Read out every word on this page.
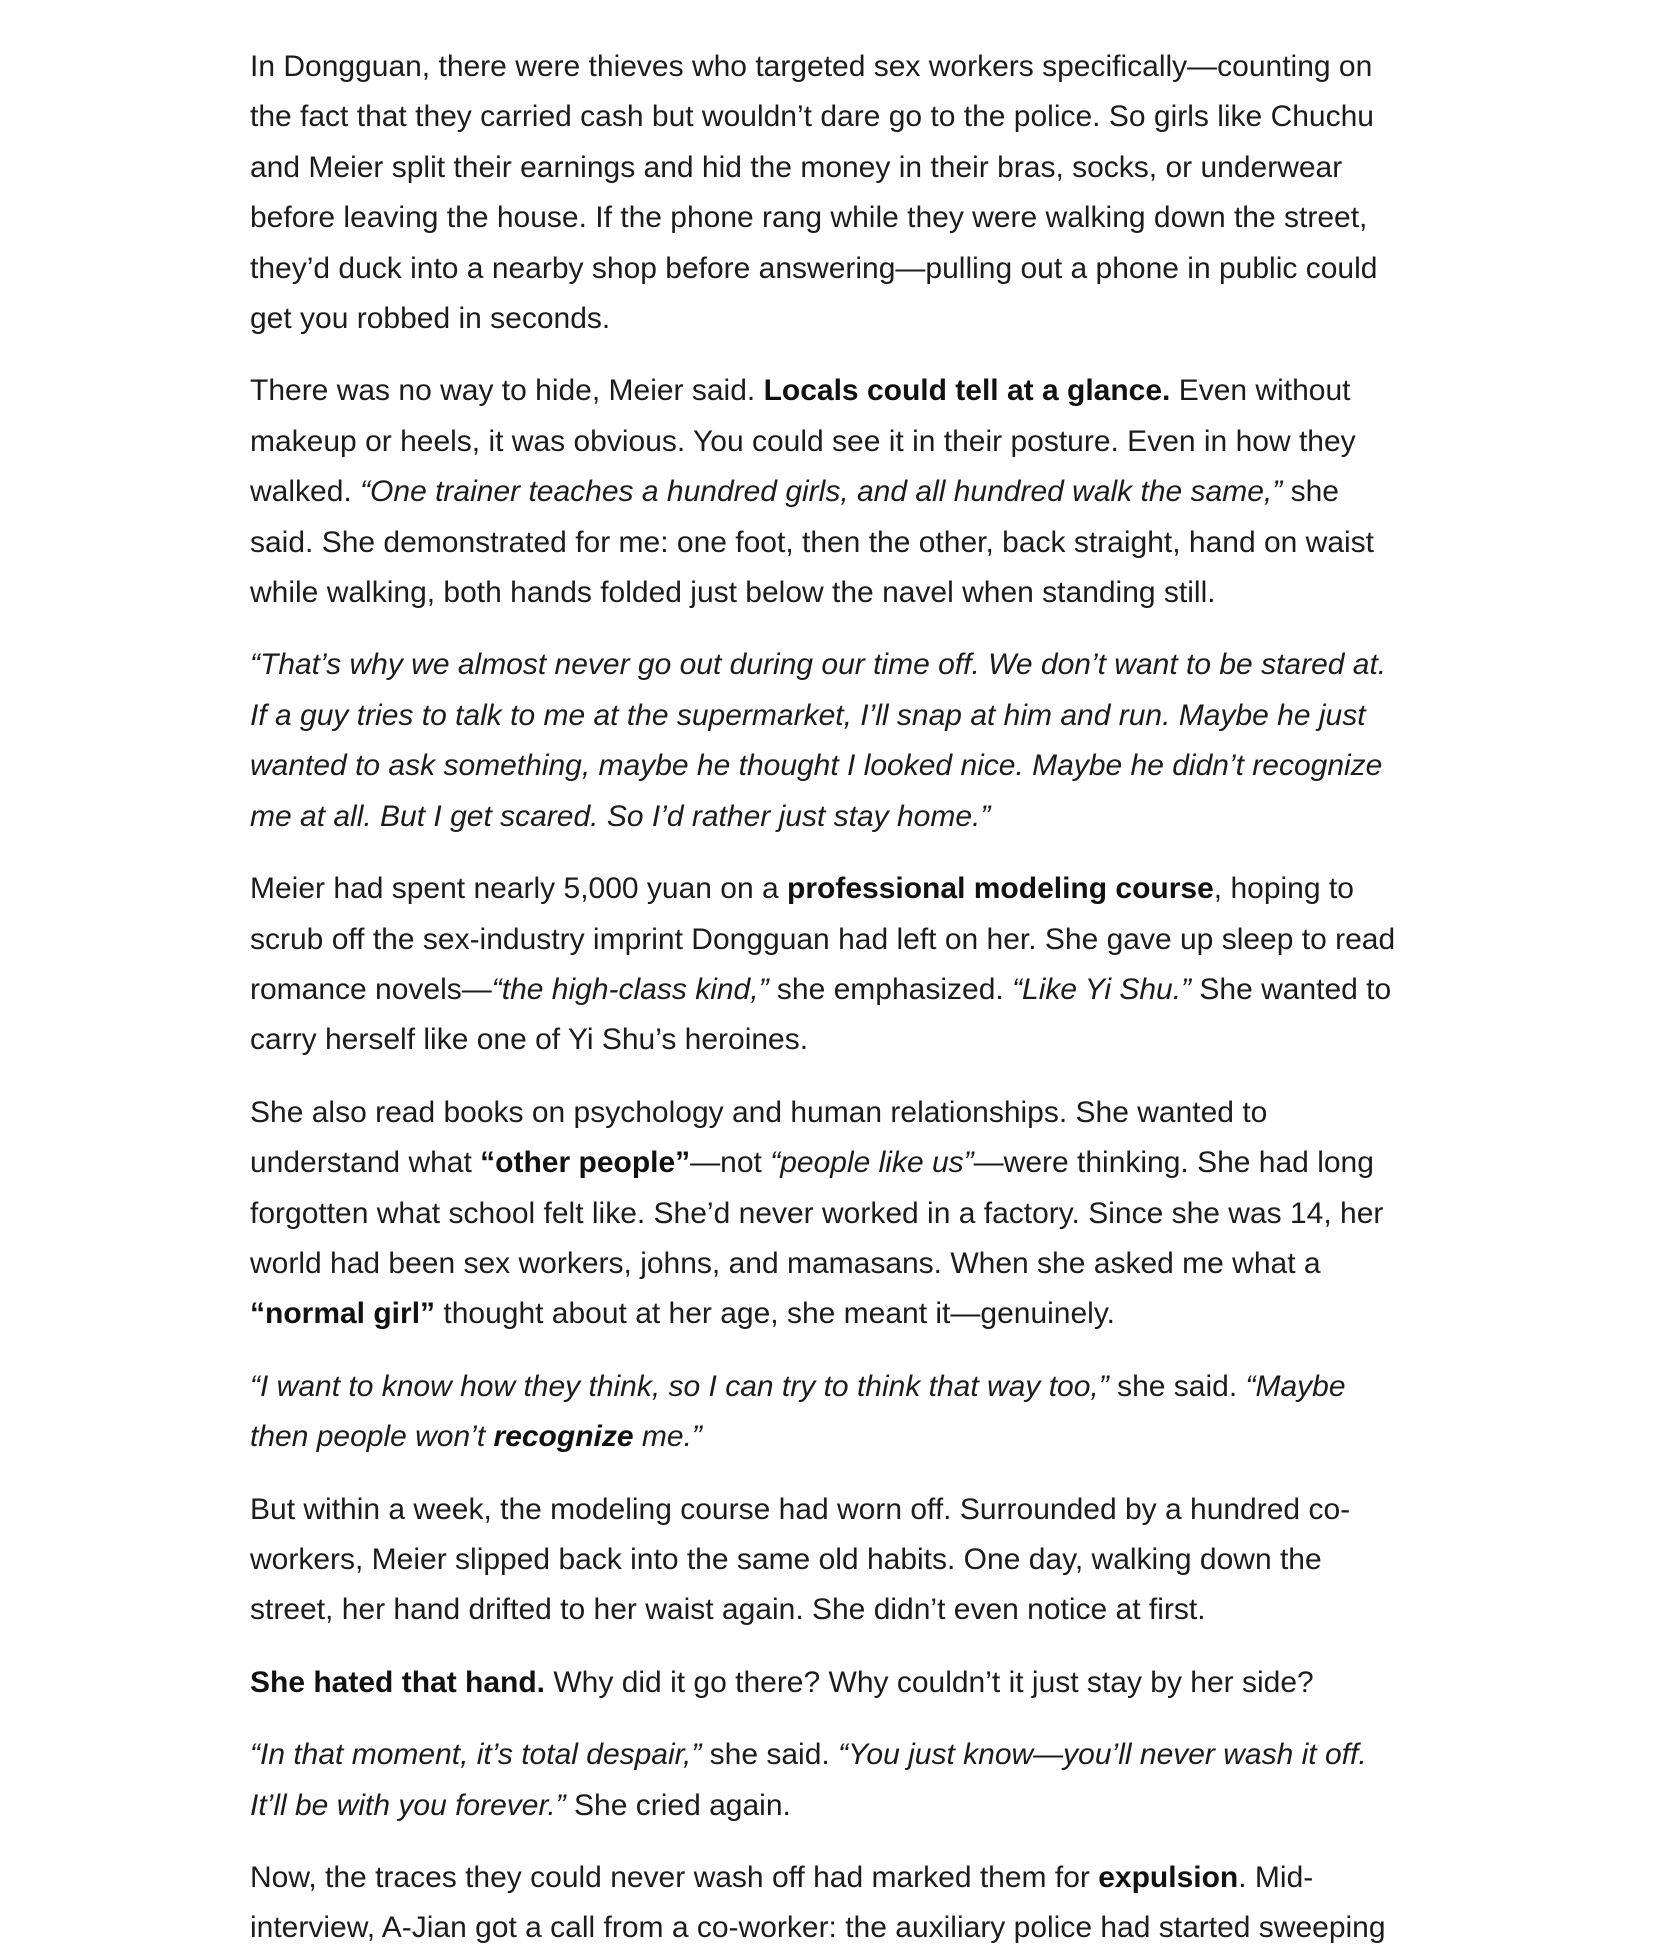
In Dongguan, there were thieves who targeted sex workers specifically—counting on the fact that they carried cash but wouldn’t dare go to the police. So girls like Chuchu and Meier split their earnings and hid the money in their bras, socks, or underwear before leaving the house. If the phone rang while they were walking down the street, they’d duck into a nearby shop before answering—pulling out a phone in public could get you robbed in seconds.

There was no way to hide, Meier said. Locals could tell at a glance. Even without makeup or heels, it was obvious. You could see it in their posture. Even in how they walked. “One trainer teaches a hundred girls, and all hundred walk the same,” she said. She demonstrated for me: one foot, then the other, back straight, hand on waist while walking, both hands folded just below the navel when standing still.

“That’s why we almost never go out during our time off. We don’t want to be stared at. If a guy tries to talk to me at the supermarket, I’ll snap at him and run. Maybe he just wanted to ask something, maybe he thought I looked nice. Maybe he didn’t recognize me at all. But I get scared. So I’d rather just stay home.”

Meier had spent nearly 5,000 yuan on a professional modeling course, hoping to scrub off the sex-industry imprint Dongguan had left on her. She gave up sleep to read romance novels—“the high-class kind,” she emphasized. “Like Yi Shu.” She wanted to carry herself like one of Yi Shu’s heroines.

She also read books on psychology and human relationships. She wanted to understand what “other people”—not “people like us”—were thinking. She had long forgotten what school felt like. She’d never worked in a factory. Since she was 14, her world had been sex workers, johns, and mamasans. When she asked me what a “normal girl” thought about at her age, she meant it—genuinely.

“I want to know how they think, so I can try to think that way too,” she said. “Maybe then people won’t recognize me.”

But within a week, the modeling course had worn off. Surrounded by a hundred co-workers, Meier slipped back into the same old habits. One day, walking down the street, her hand drifted to her waist again. She didn’t even notice at first.

She hated that hand. Why did it go there? Why couldn’t it just stay by her side?

“In that moment, it’s total despair,” she said. “You just know—you’ll never wash it off. It’ll be with you forever.” She cried again.

Now, the traces they could never wash off had marked them for expulsion. Mid-interview, A-Jian got a call from a co-worker: the auxiliary police had started sweeping
